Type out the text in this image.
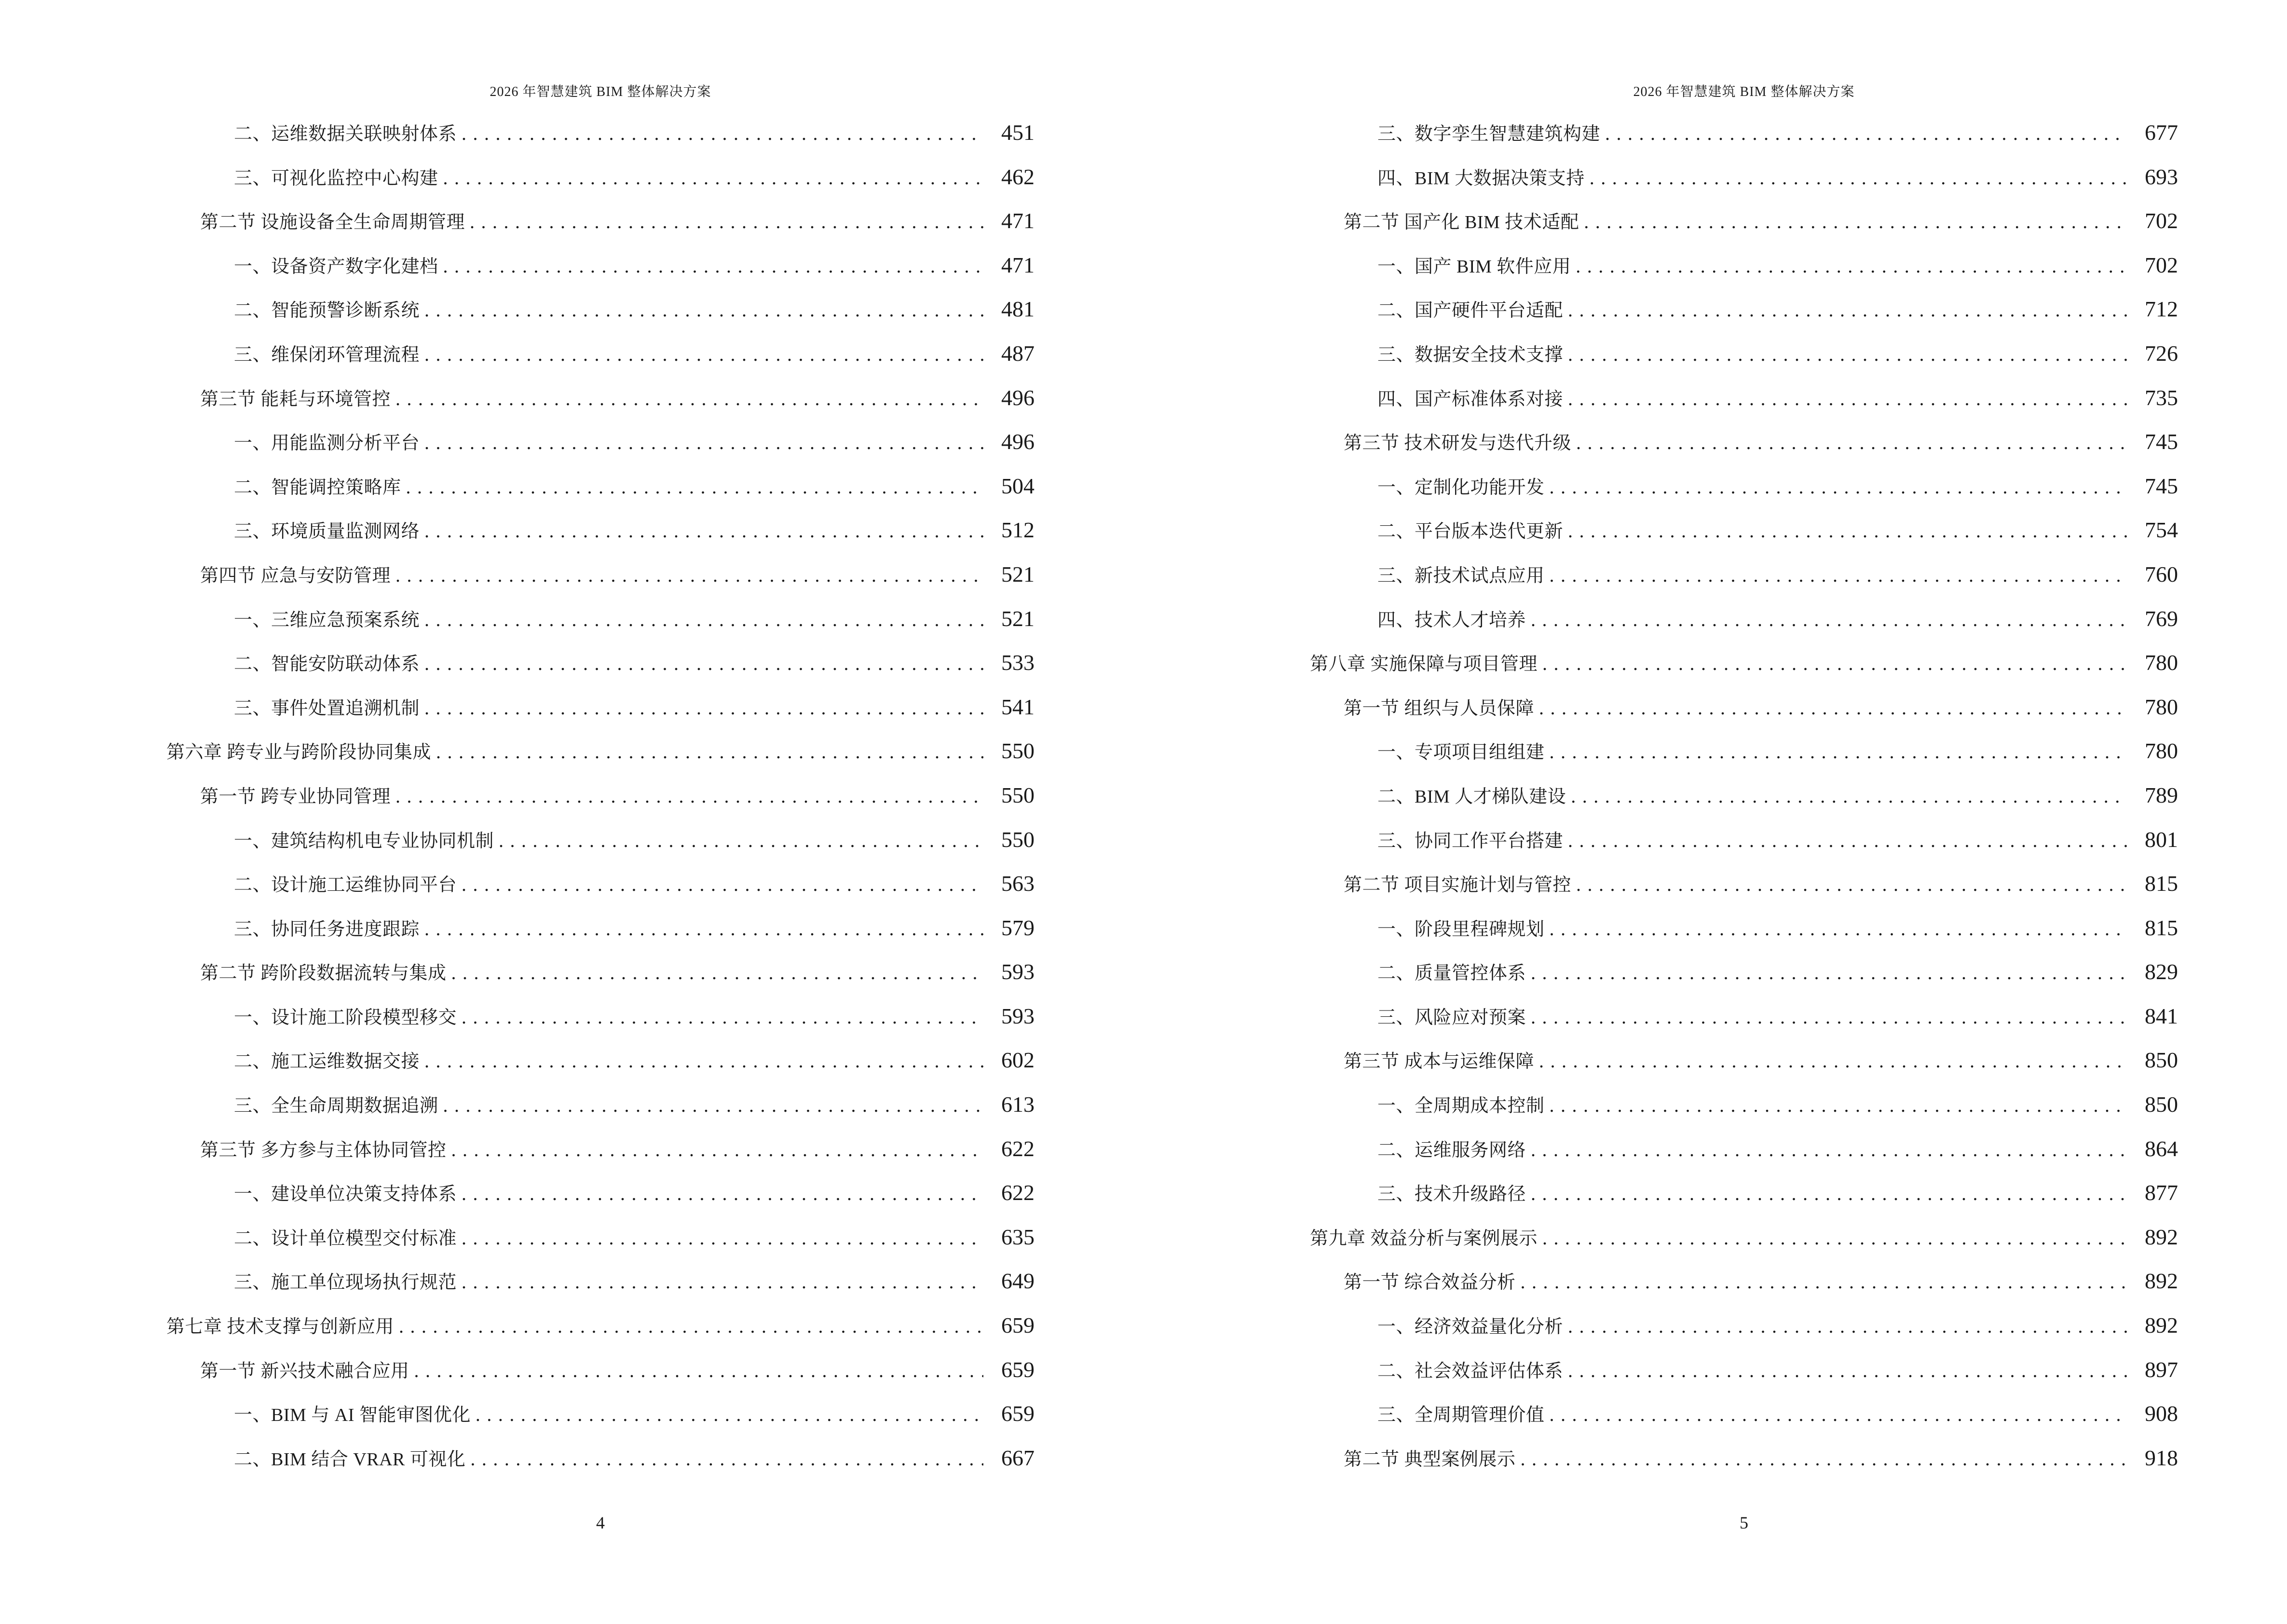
2026 年智慧建筑 BIM 整体解决方案
二、运维数据关联映射体系 .....	451
三、可视化监控中心构建 .....	462
第二节 设施设备全生命周期管理 .....	471
一、设备资产数字化建档 .....	471
二、智能预警诊断系统 .....	481
三、维保闭环管理流程 .....	487
第三节 能耗与环境管控 .....	496
一、用能监测分析平台 .....	496
二、智能调控策略库 .....	504
三、环境质量监测网络 .....	512
第四节 应急与安防管理 .....	521
一、三维应急预案系统 .....	521
二、智能安防联动体系 .....	533
三、事件处置追溯机制 .....	541
第六章 跨专业与跨阶段协同集成 .....	550
第一节 跨专业协同管理 .....	550
一、建筑结构机电专业协同机制 .....	550
二、设计施工运维协同平台 .....	563
三、协同任务进度跟踪 .....	579
第二节 跨阶段数据流转与集成 .....	593
一、设计施工阶段模型移交 .....	593
二、施工运维数据交接 .....	602
三、全生命周期数据追溯 .....	613
第三节 多方参与主体协同管控 .....	622
一、建设单位决策支持体系 .....	622
二、设计单位模型交付标准 .....	635
三、施工单位现场执行规范 .....	649
第七章 技术支撑与创新应用 .....	659
第一节 新兴技术融合应用 .....	659
一、BIM 与 AI 智能审图优化 .....	659
二、BIM 结合 VRAR 可视化 .....	667
4
2026 年智慧建筑 BIM 整体解决方案
三、数字孪生智慧建筑构建 .....	677
四、BIM 大数据决策支持 .....	693
第二节 国产化 BIM 技术适配 .....	702
一、国产 BIM 软件应用 .....	702
二、国产硬件平台适配 .....	712
三、数据安全技术支撑 .....	726
四、国产标准体系对接 .....	735
第三节 技术研发与迭代升级 .....	745
一、定制化功能开发 .....	745
二、平台版本迭代更新 .....	754
三、新技术试点应用 .....	760
四、技术人才培养 .....	769
第八章 实施保障与项目管理 .....	780
第一节 组织与人员保障 .....	780
一、专项项目组组建 .....	780
二、BIM 人才梯队建设 .....	789
三、协同工作平台搭建 .....	801
第二节 项目实施计划与管控 .....	815
一、阶段里程碑规划 .....	815
二、质量管控体系 .....	829
三、风险应对预案 .....	841
第三节 成本与运维保障 .....	850
一、全周期成本控制 .....	850
二、运维服务网络 .....	864
三、技术升级路径 .....	877
第九章 效益分析与案例展示 .....	892
第一节 综合效益分析 .....	892
一、经济效益量化分析 .....	892
二、社会效益评估体系 .....	897
三、全周期管理价值 .....	908
第二节 典型案例展示 .....	918
5
